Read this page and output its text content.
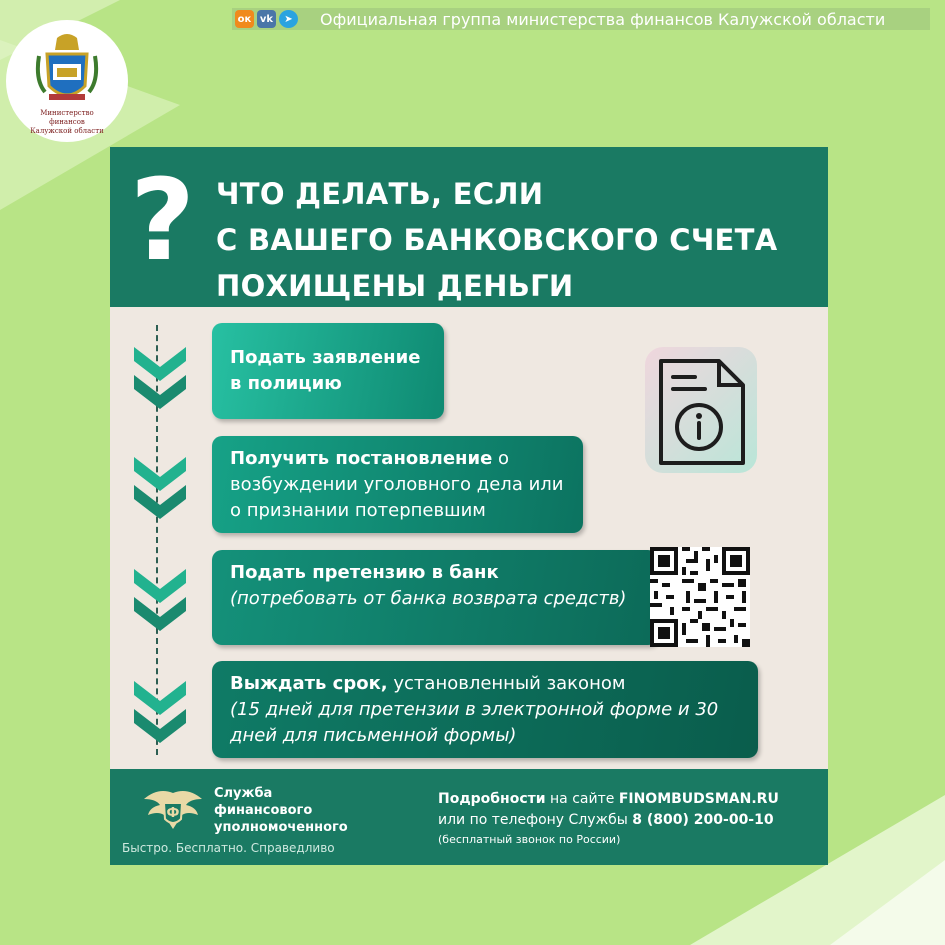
ок vk	➤	Официальная группа министерства финансов Калужской области
Министерство
финансов
Калужской области
? ЧТО ДЕЛАТЬ, ЕСЛИ
С ВАШЕГО БАНКОВСКОГО СЧЕТА
ПОХИЩЕНЫ ДЕНЬГИ
Подать заявление в полицию
Получить постановление о возбуждении уголовного дела или о признании потерпевшим
Подать претензию в банк
(потребовать от банка возврата средств)
Выждать срок, установленный законом
(15 дней для претензии в электронной форме и 30 дней для письменной формы)
Ф
Служба
финансового
уполномоченного
Быстро. Бесплатно. Справедливо
Подробности на сайте FINOMBUDSMAN.RU
или по телефону Службы 8 (800) 200-00-10
(бесплатный звонок по России)
